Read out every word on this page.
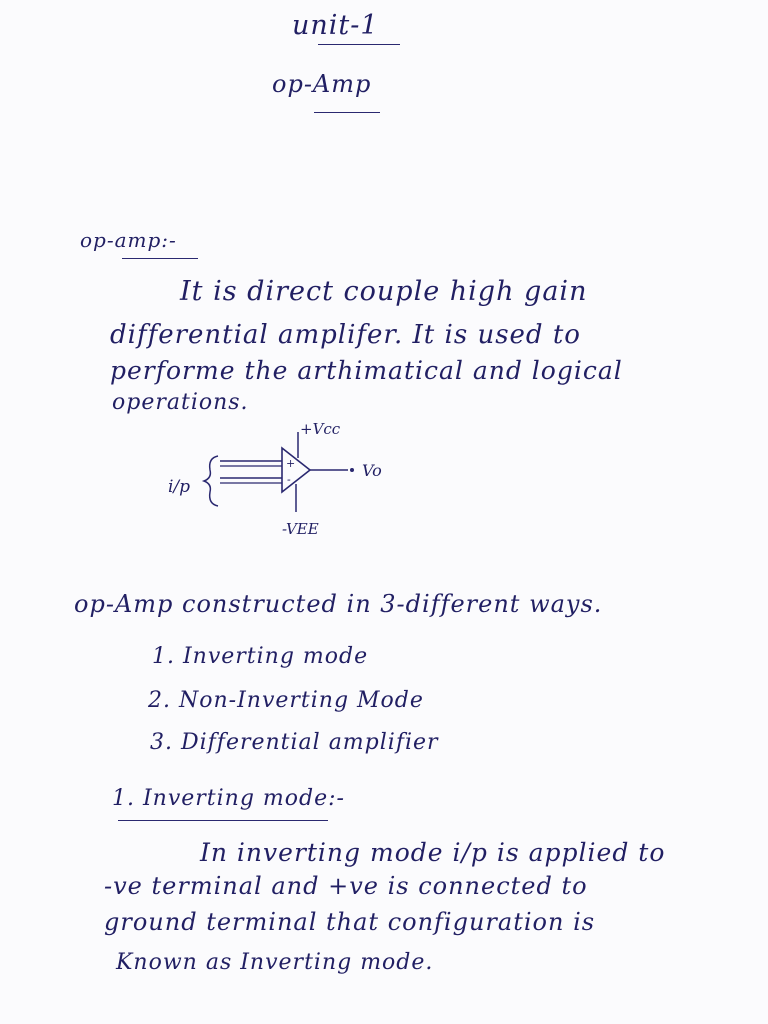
unit-1
op-Amp
op-amp:-
It is direct couple high gain
differential amplifer. It is used to
performe the arthimatical and logical
operations.
i/p
+
-
+Vcc
-VEE
Vo
op-Amp constructed in 3-different ways.
1. Inverting mode
2. Non-Inverting Mode
3. Differential amplifier
1. Inverting mode:-
In inverting mode i/p is applied to
-ve terminal and +ve is connected to
ground terminal that configuration is
Known as Inverting mode.
